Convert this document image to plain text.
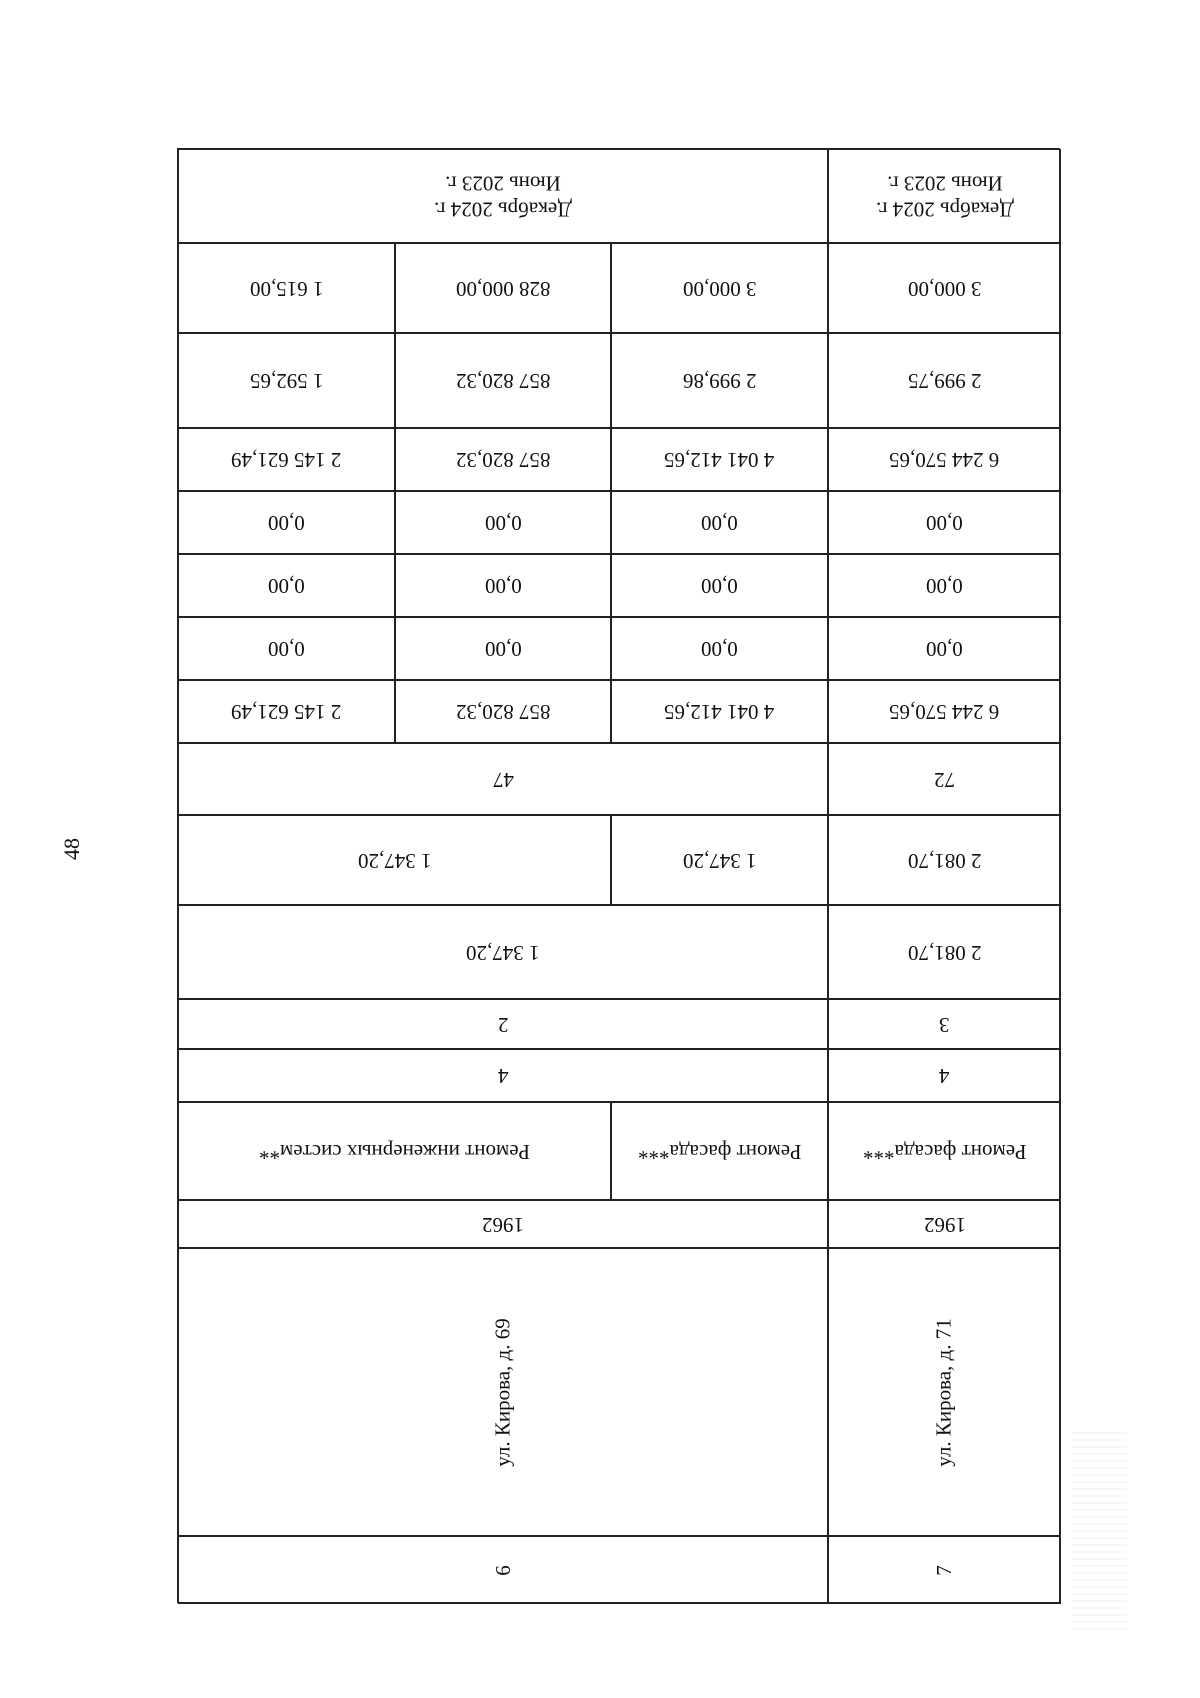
48
Декабрь 2024 г.
Июнь 2023 г.
3 000,00
2 999,75
6 244 570,65
0,00
0,00
0,00
6 244 570,65
72
2 081,70
2 081,70
3
4
Ремонт фасада***
1962
ул. Кирова, д. 71
7
Декабрь 2024 г.
Июнь 2023 г.
3 000,00
828 000,00
1 615,00
2 999,86
857 820,32
1 592,65
4 041 412,65
857 820,32
2 145 621,49
0,00
0,00
0,00
0,00
0,00
0,00
0,00
0,00
0,00
4 041 412,65
857 820,32
2 145 621,49
47
1 347,20
1 347,20
1 347,20
2
4
Ремонт фасада***
Ремонт инженерных систем**
1962
ул. Кирова, д. 69
6
